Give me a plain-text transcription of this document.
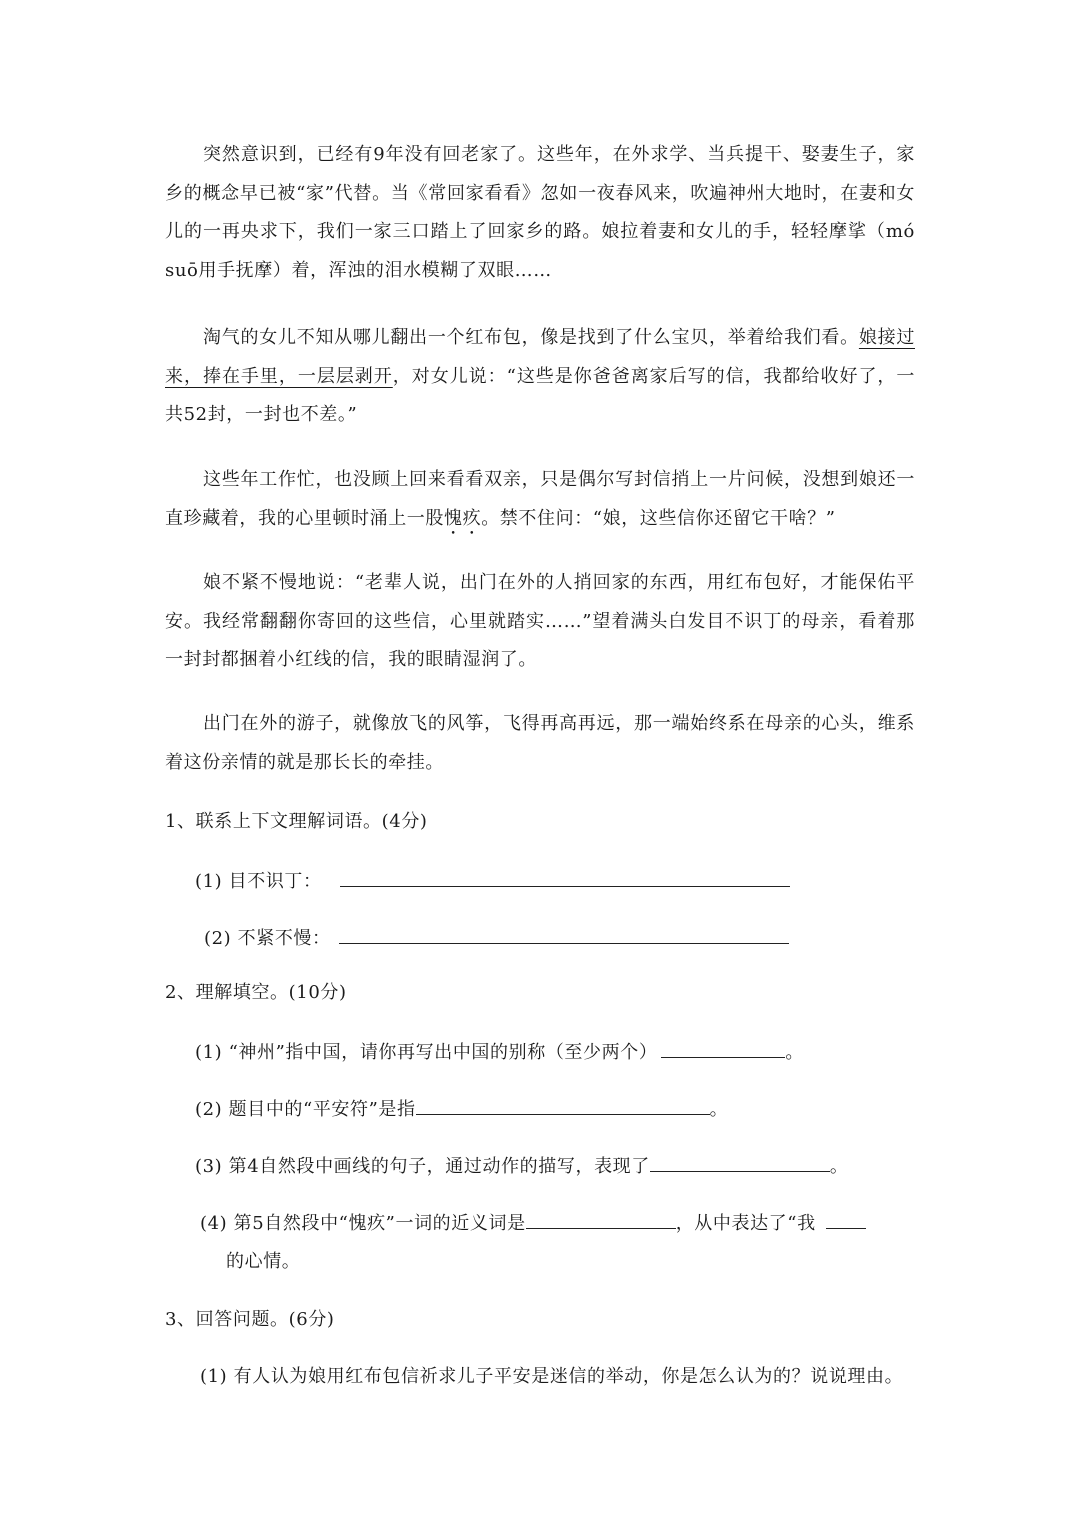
突然意识到，已经有9年没有回老家了。这些年，在外求学、当兵提干、娶妻生子，家乡的概念早已被“家”代替。当《常回家看看》忽如一夜春风来，吹遍神州大地时，在妻和女儿的一再央求下，我们一家三口踏上了回家乡的路。娘拉着妻和女儿的手，轻轻摩挲（mó suō用手抚摩）着，浑浊的泪水模糊了双眼……

淘气的女儿不知从哪儿翻出一个红布包，像是找到了什么宝贝，举着给我们看。娘接过来，捧在手里，一层层剥开，对女儿说：“这些是你爸爸离家后写的信，我都给收好了，一共52封，一封也不差。”

这些年工作忙，也没顾上回来看看双亲，只是偶尔写封信捎上一片问候，没想到娘还一直珍藏着，我的心里顿时涌上一股愧疚。禁不住问：“娘，这些信你还留它干啥？”

娘不紧不慢地说：“老辈人说，出门在外的人捎回家的东西，用红布包好，才能保佑平安。我经常翻翻你寄回的这些信，心里就踏实……”望着满头白发目不识丁的母亲，看着那一封封都捆着小红线的信，我的眼睛湿润了。

出门在外的游子，就像放飞的风筝，飞得再高再远，那一端始终系在母亲的心头，维系着这份亲情的就是那长长的牵挂。

1、联系上下文理解词语。(4分)
(1) 目不识丁：
(2) 不紧不慢：
2、理解填空。(10分)
(1) “神州”指中国，请你再写出中国的别称（至少两个）	。
(2) 题目中的“平安符”是指	。
(3) 第4自然段中画线的句子，通过动作的描写，表现了	。
(4) 第5自然段中“愧疚”一词的近义词是	，从中表达了“我
的心情。
3、回答问题。(6分)
(1) 有人认为娘用红布包信祈求儿子平安是迷信的举动，你是怎么认为的？说说理由。
